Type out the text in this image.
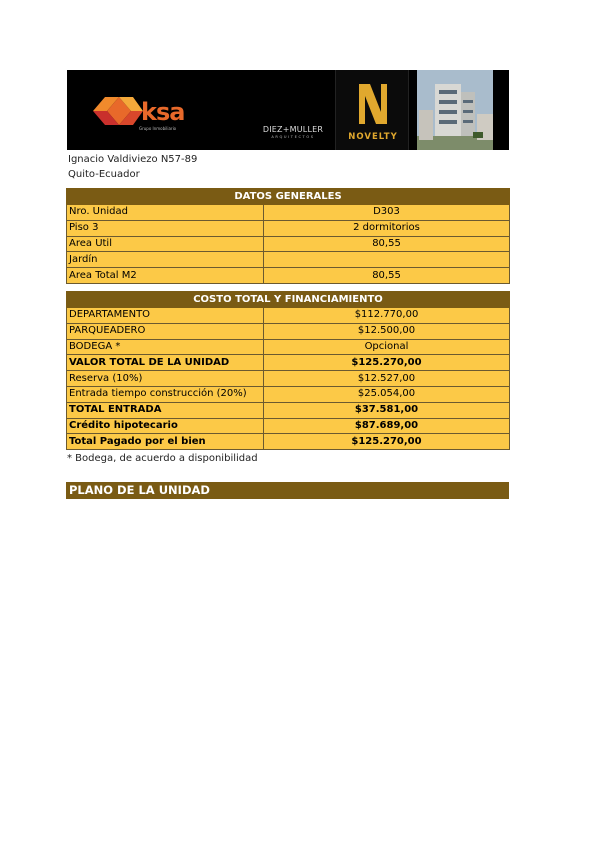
ksa
Grupo Inmobiliario	DIEZ+MULLER
ARQUITECTOS	NOVELTY
Ignacio Valdiviezo N57-89
Quito-Ecuador
DATOS GENERALES	
Nro. Unidad	D303
Piso 3	2 dormitorios
Area Util	80,55
Jardín	
Area Total M2	80,55
COSTO TOTAL Y FINANCIAMIENTO	
DEPARTAMENTO	$112.770,00
PARQUEADERO	$12.500,00
BODEGA *	Opcional
VALOR TOTAL DE LA UNIDAD	$125.270,00
Reserva (10%)	$12.527,00
Entrada tiempo construcción (20%)	$25.054,00
TOTAL ENTRADA	$37.581,00
Crédito hipotecario	$87.689,00
Total Pagado por el bien	$125.270,00
* Bodega, de acuerdo a disponibilidad
PLANO DE LA UNIDAD
